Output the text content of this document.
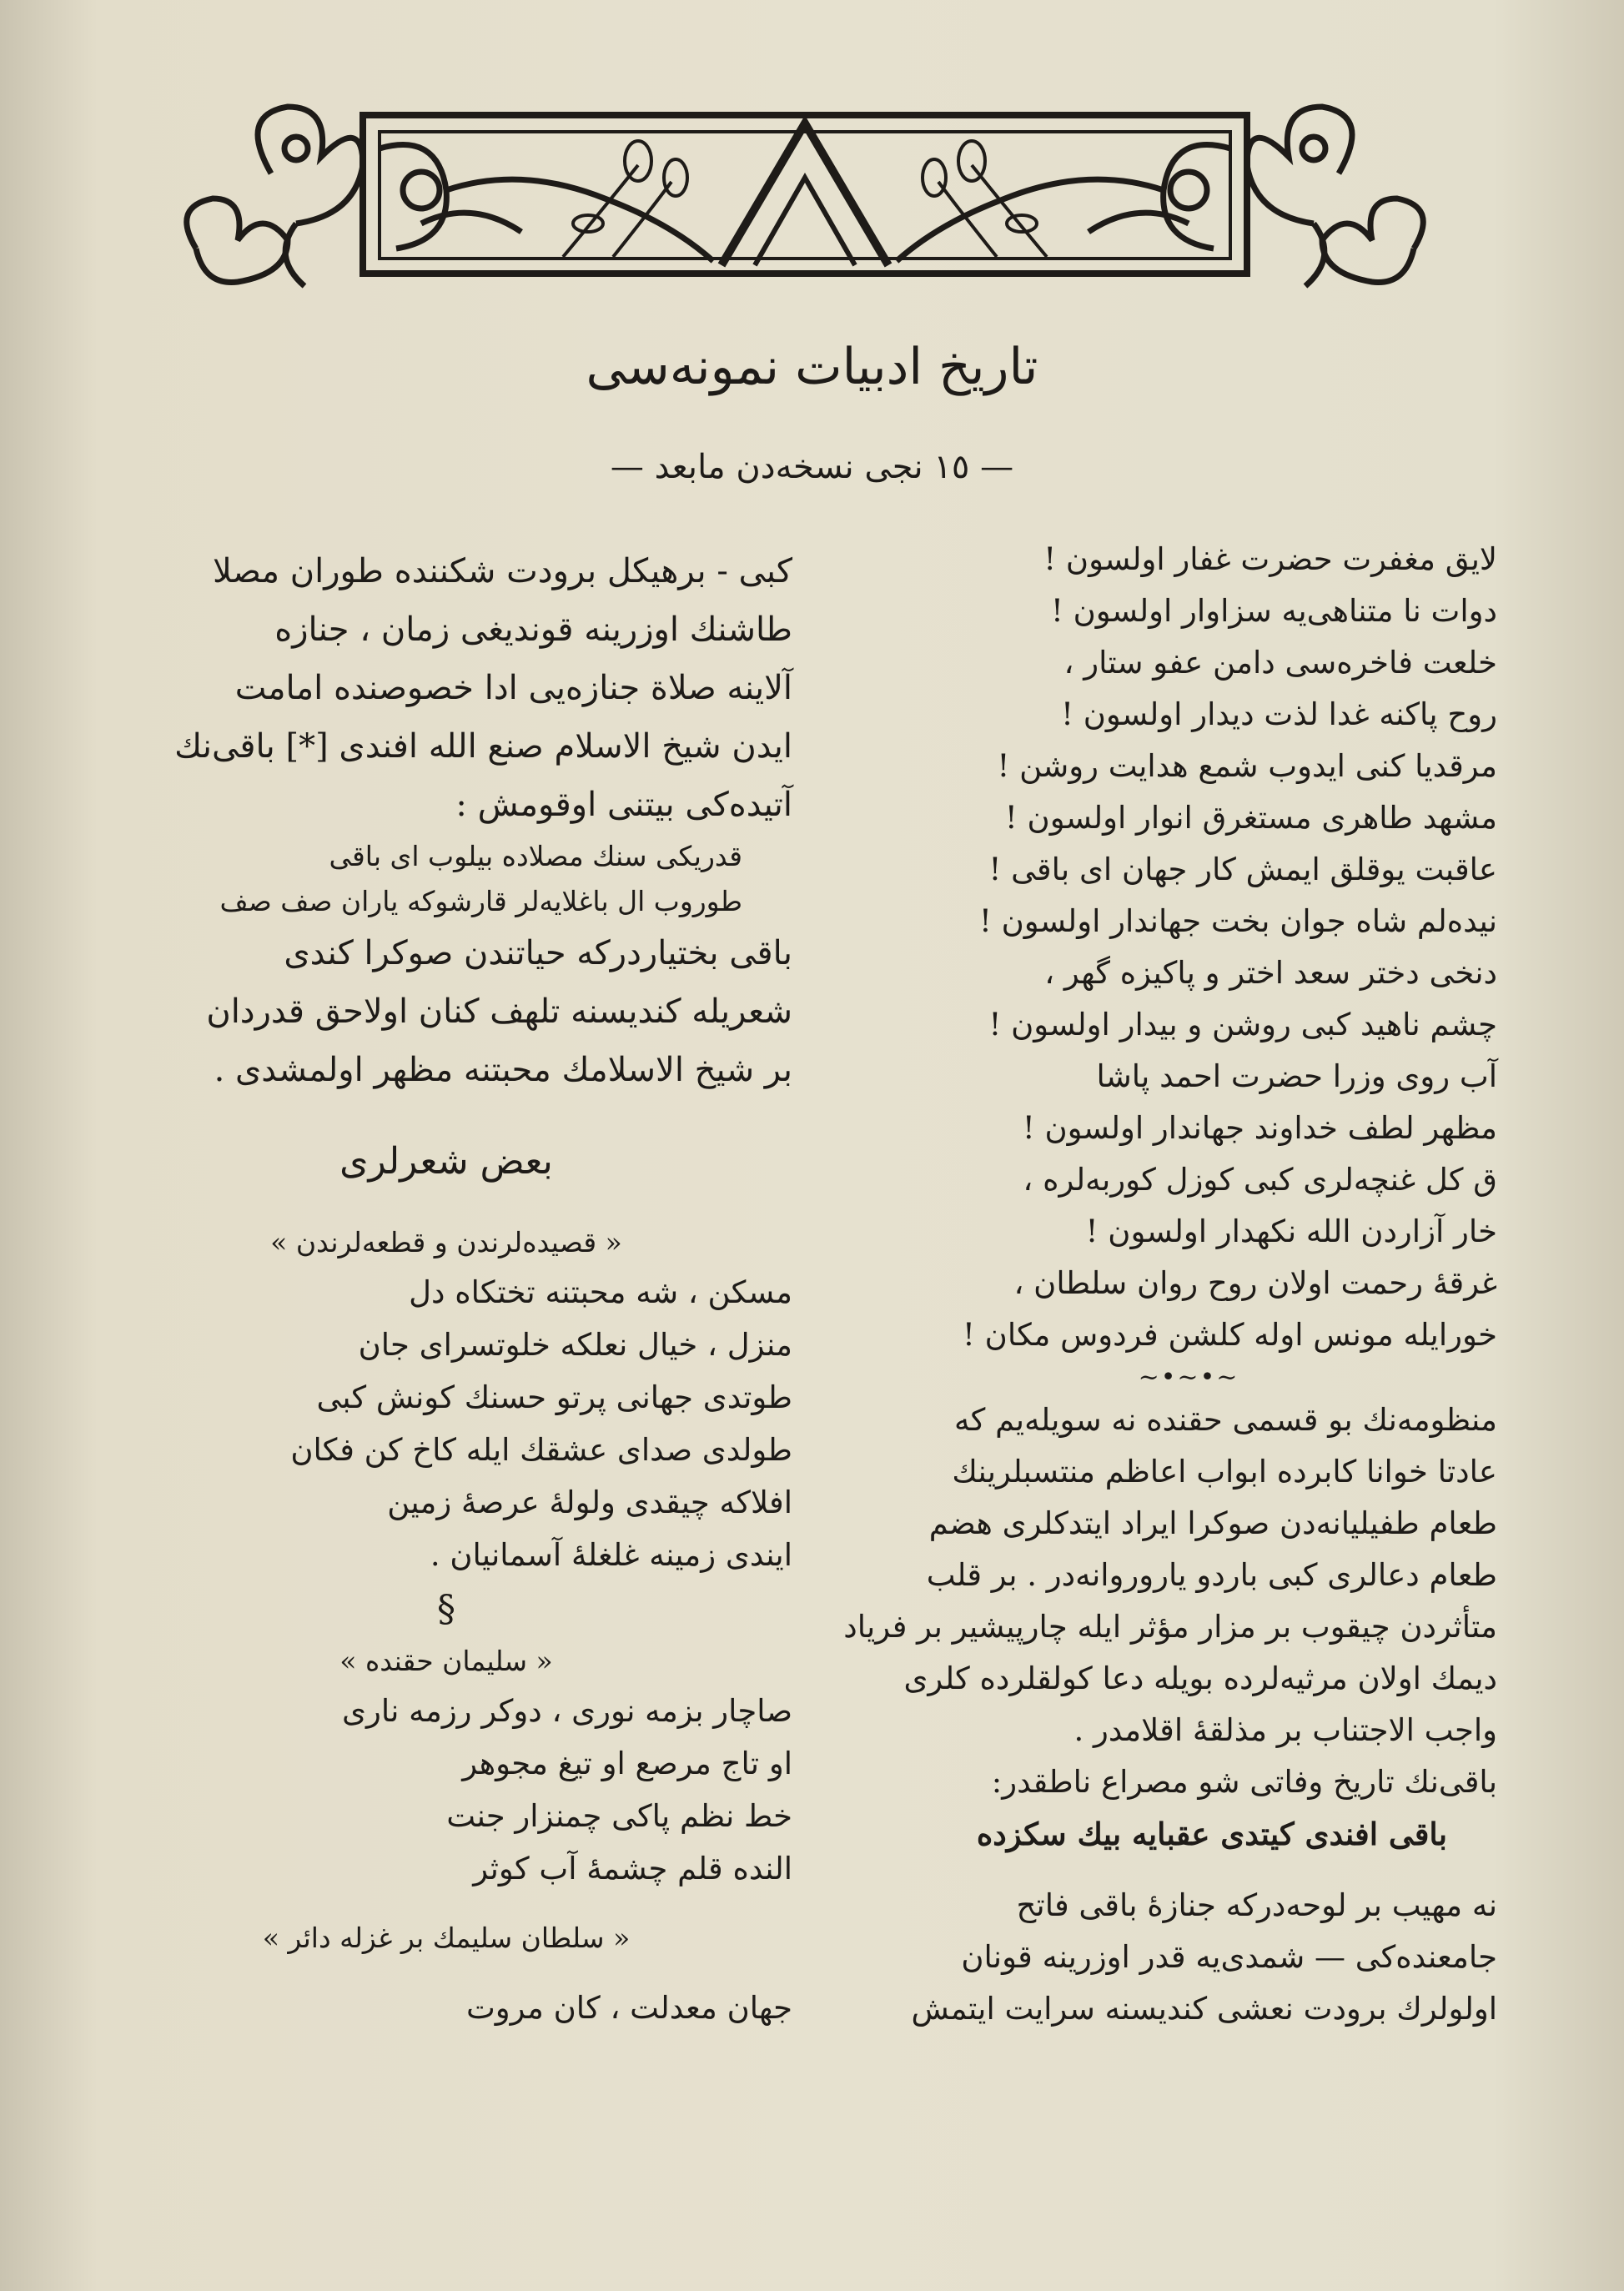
تاریخ ادبیات نمونه‌سی
— ١٥ نجی نسخه‌دن مابعد —
لایق مغفرت حضرت غفار اولسون !
دوات نا متناهی‌یه سزاوار اولسون !
خلعت فاخره‌سی دامن عفو ستار ،
روح پاکنه غدا لذت دیدار اولسون !
مرقدیا کنی ایدوب شمع هدایت روشن !
مشهد طاهری مستغرق انوار اولسون !
عاقبت یوقلق ایمش کار جهان ای باقی !
نیده‌لم شاه جوان بخت جهاندار اولسون !
دنخی دختر سعد اختر و پاکیزه گهر ،
چشم ناهید کبی روشن و بیدار اولسون !
آب روی وزرا حضرت احمد پاشا
مظهر لطف خداوند جهاندار اولسون !
ق کل غنچه‌لری کبی کوزل کوربه‌لره ،
خار آزاردن الله نکهدار اولسون !
غرقهٔ رحمت اولان روح روان سلطان ،
خورایله مونس اوله کلشن فردوس مکان !
~•~•~
منظومه‌نك بو قسمی حقنده نه سویله‌یم که
عادتا خوانا کابرده ابواب اعاظم منتسبلرینك
طعام طفیلیانه‌دن صوکرا ایراد ایتدکلری هضم
طعام دعالری کبی باردو یاروروانه‌در . بر قلب
متأثردن چیقوب بر مزار مؤثر ایله چارپیشیر بر فریاد
دیمك اولان مرثیه‌لرده بویله دعا کولقلرده کلری
واجب الاجتناب بر مذلقهٔ اقلامدر .
باقی‌نك تاریخ وفاتی شو مصراع ناطقدر:
باقی افندی کیتدی عقبایه بیك سکزده
نه مهیب بر لوحه‌درکه جنازهٔ باقی فاتح
جامعنده‌کی — شمدی‌یه قدر اوزرینه قونان
اولولرك برودت نعشی کندیسنه سرایت ایتمش
کبی - برهیکل برودت شکننده طوران مصلا
طاشنك اوزرینه قوندیغی زمان ، جنازه
آلاینه صلاة جنازه‌یی ادا خصوصنده امامت
ایدن شیخ الاسلام صنع الله افندی [*] باقی‌نك
آتیده‌کی بیتنی اوقومش :
قدریکی سنك مصلاده بیلوب ای باقی
طوروب ال باغلایه‌لر قارشوکه یاران صف صف
باقی بختیاردرکه حیاتندن صوکرا کندی
شعریله کندیسنه تلهف کنان اولاحق قدردان
بر شیخ الاسلامك محبتنه مظهر اولمشدی .
بعض شعرلری
« قصیده‌لرندن و قطعه‌لرندن »
مسكن ، شه محبتنه تختکاه دل
منزل ، خیال نعلکه خلوتسرای جان
طوتدی جهانی پرتو حسنك کونش کبی
طولدی صدای عشقك ایله کاخ کن فکان
افلاکه چیقدی ولولهٔ عرصهٔ زمین
ایندی زمینه غلغلهٔ آسمانیان .
§
« سلیمان حقنده »
صاچار بزمه نوری ، دوکر رزمه ناری
او تاج مرصع او تیغ مجوهر
خط نظم پاکی چمنزار جنت
النده قلم چشمهٔ آب کوثر
« سلطان سلیمك بر غزله دائر »
جهان معدلت ، کان مروت
